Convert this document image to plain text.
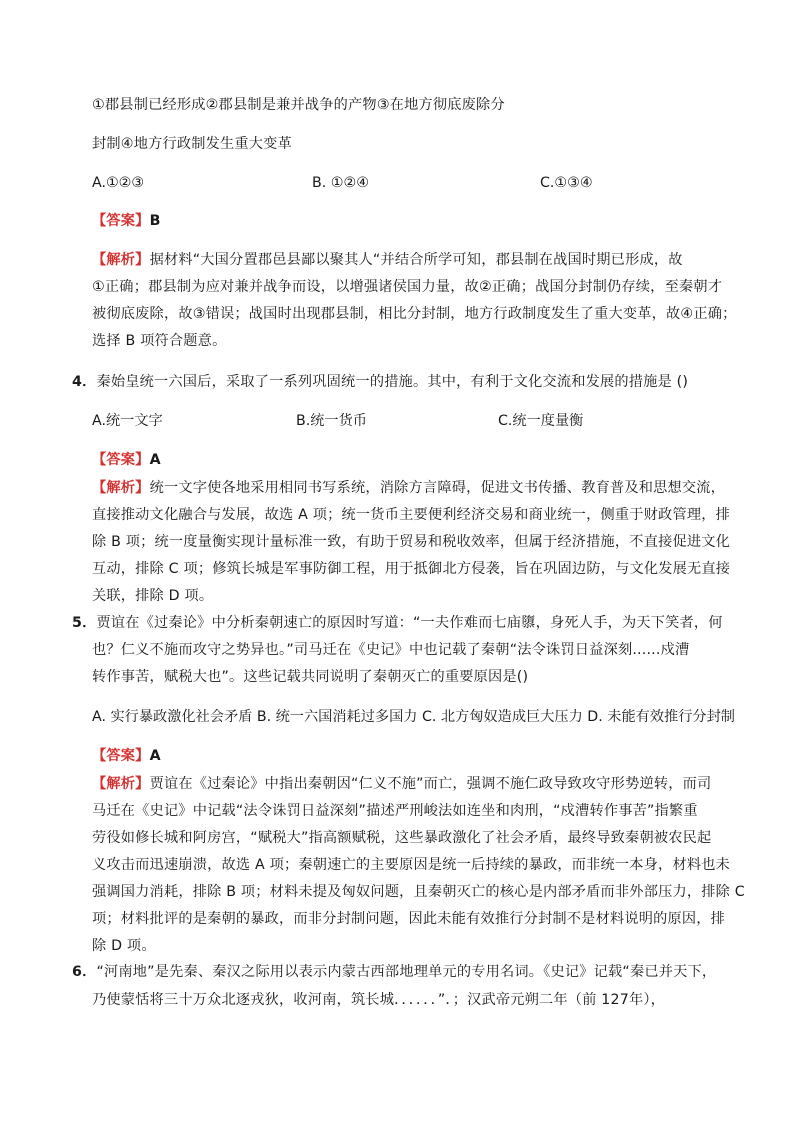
①郡县制已经形成②郡县制是兼并战争的产物③在地方彻底废除分
封制④地方行政制发生重大变革
A.①②③	B. ①②④	C.①③④
【答案】B
【解析】据材料“大国分置郡邑县鄙以聚其人“并结合所学可知，郡县制在战国时期已形成，故
①正确；郡县制为应对兼并战争而设，以增强诸侯国力量，故②正确；战国分封制仍存续，至秦朝才
被彻底废除，故③错误；战国时出现郡县制，相比分封制，地方行政制度发生了重大变革，故④正确；
选择 B 项符合题意。
4．秦始皇统一六国后，采取了一系列巩固统一的措施。其中，有利于文化交流和发展的措施是 ()
A.统一文字	B.统一货币	C.统一度量衡
【答案】A
【解析】统一文字使各地采用相同书写系统，消除方言障碍，促进文书传播、教育普及和思想交流，
直接推动文化融合与发展，故选 A 项；统一货币主要便利经济交易和商业统一，侧重于财政管理，排
除 B 项；统一度量衡实现计量标准一致，有助于贸易和税收效率，但属于经济措施，不直接促进文化
互动，排除 C 项；修筑长城是军事防御工程，用于抵御北方侵袭，旨在巩固边防，与文化发展无直接
关联，排除 D 项。
5．贾谊在《过秦论》中分析秦朝速亡的原因时写道：“一夫作难而七庙隳，身死人手，为天下笑者，何
也？仁义不施而攻守之势异也。”司马迁在《史记》中也记载了秦朝“法令诛罚日益深刻......戍漕
转作事苦，赋税大也”。这些记载共同说明了秦朝灭亡的重要原因是()
A. 实行暴政激化社会矛盾 B. 统一六国消耗过多国力 C. 北方匈奴造成巨大压力 D. 未能有效推行分封制
【答案】A
【解析】贾谊在《过秦论》中指出秦朝因“仁义不施”而亡，强调不施仁政导致攻守形势逆转，而司
马迁在《史记》中记载“法令诛罚日益深刻”描述严刑峻法如连坐和肉刑，“戍漕转作事苦”指繁重
劳役如修长城和阿房宫，“赋税大”指高额赋税，这些暴政激化了社会矛盾，最终导致秦朝被农民起
义攻击而迅速崩溃，故选 A 项；秦朝速亡的主要原因是统一后持续的暴政，而非统一本身，材料也未
强调国力消耗，排除 B 项；材料未提及匈奴问题，且秦朝灭亡的核心是内部矛盾而非外部压力，排除 C
项；材料批评的是秦朝的暴政，而非分封制问题，因此未能有效推行分封制不是材料说明的原因，排
除 D 项。
6．“河南地”是先秦、秦汉之际用以表示内蒙古西部地理单元的专用名词。《史记》记载“秦已并天下，
乃使蒙恬将三十万众北逐戎狄，收河南，筑长城．．．．．．”．；汉武帝元朔二年（前 127年），
